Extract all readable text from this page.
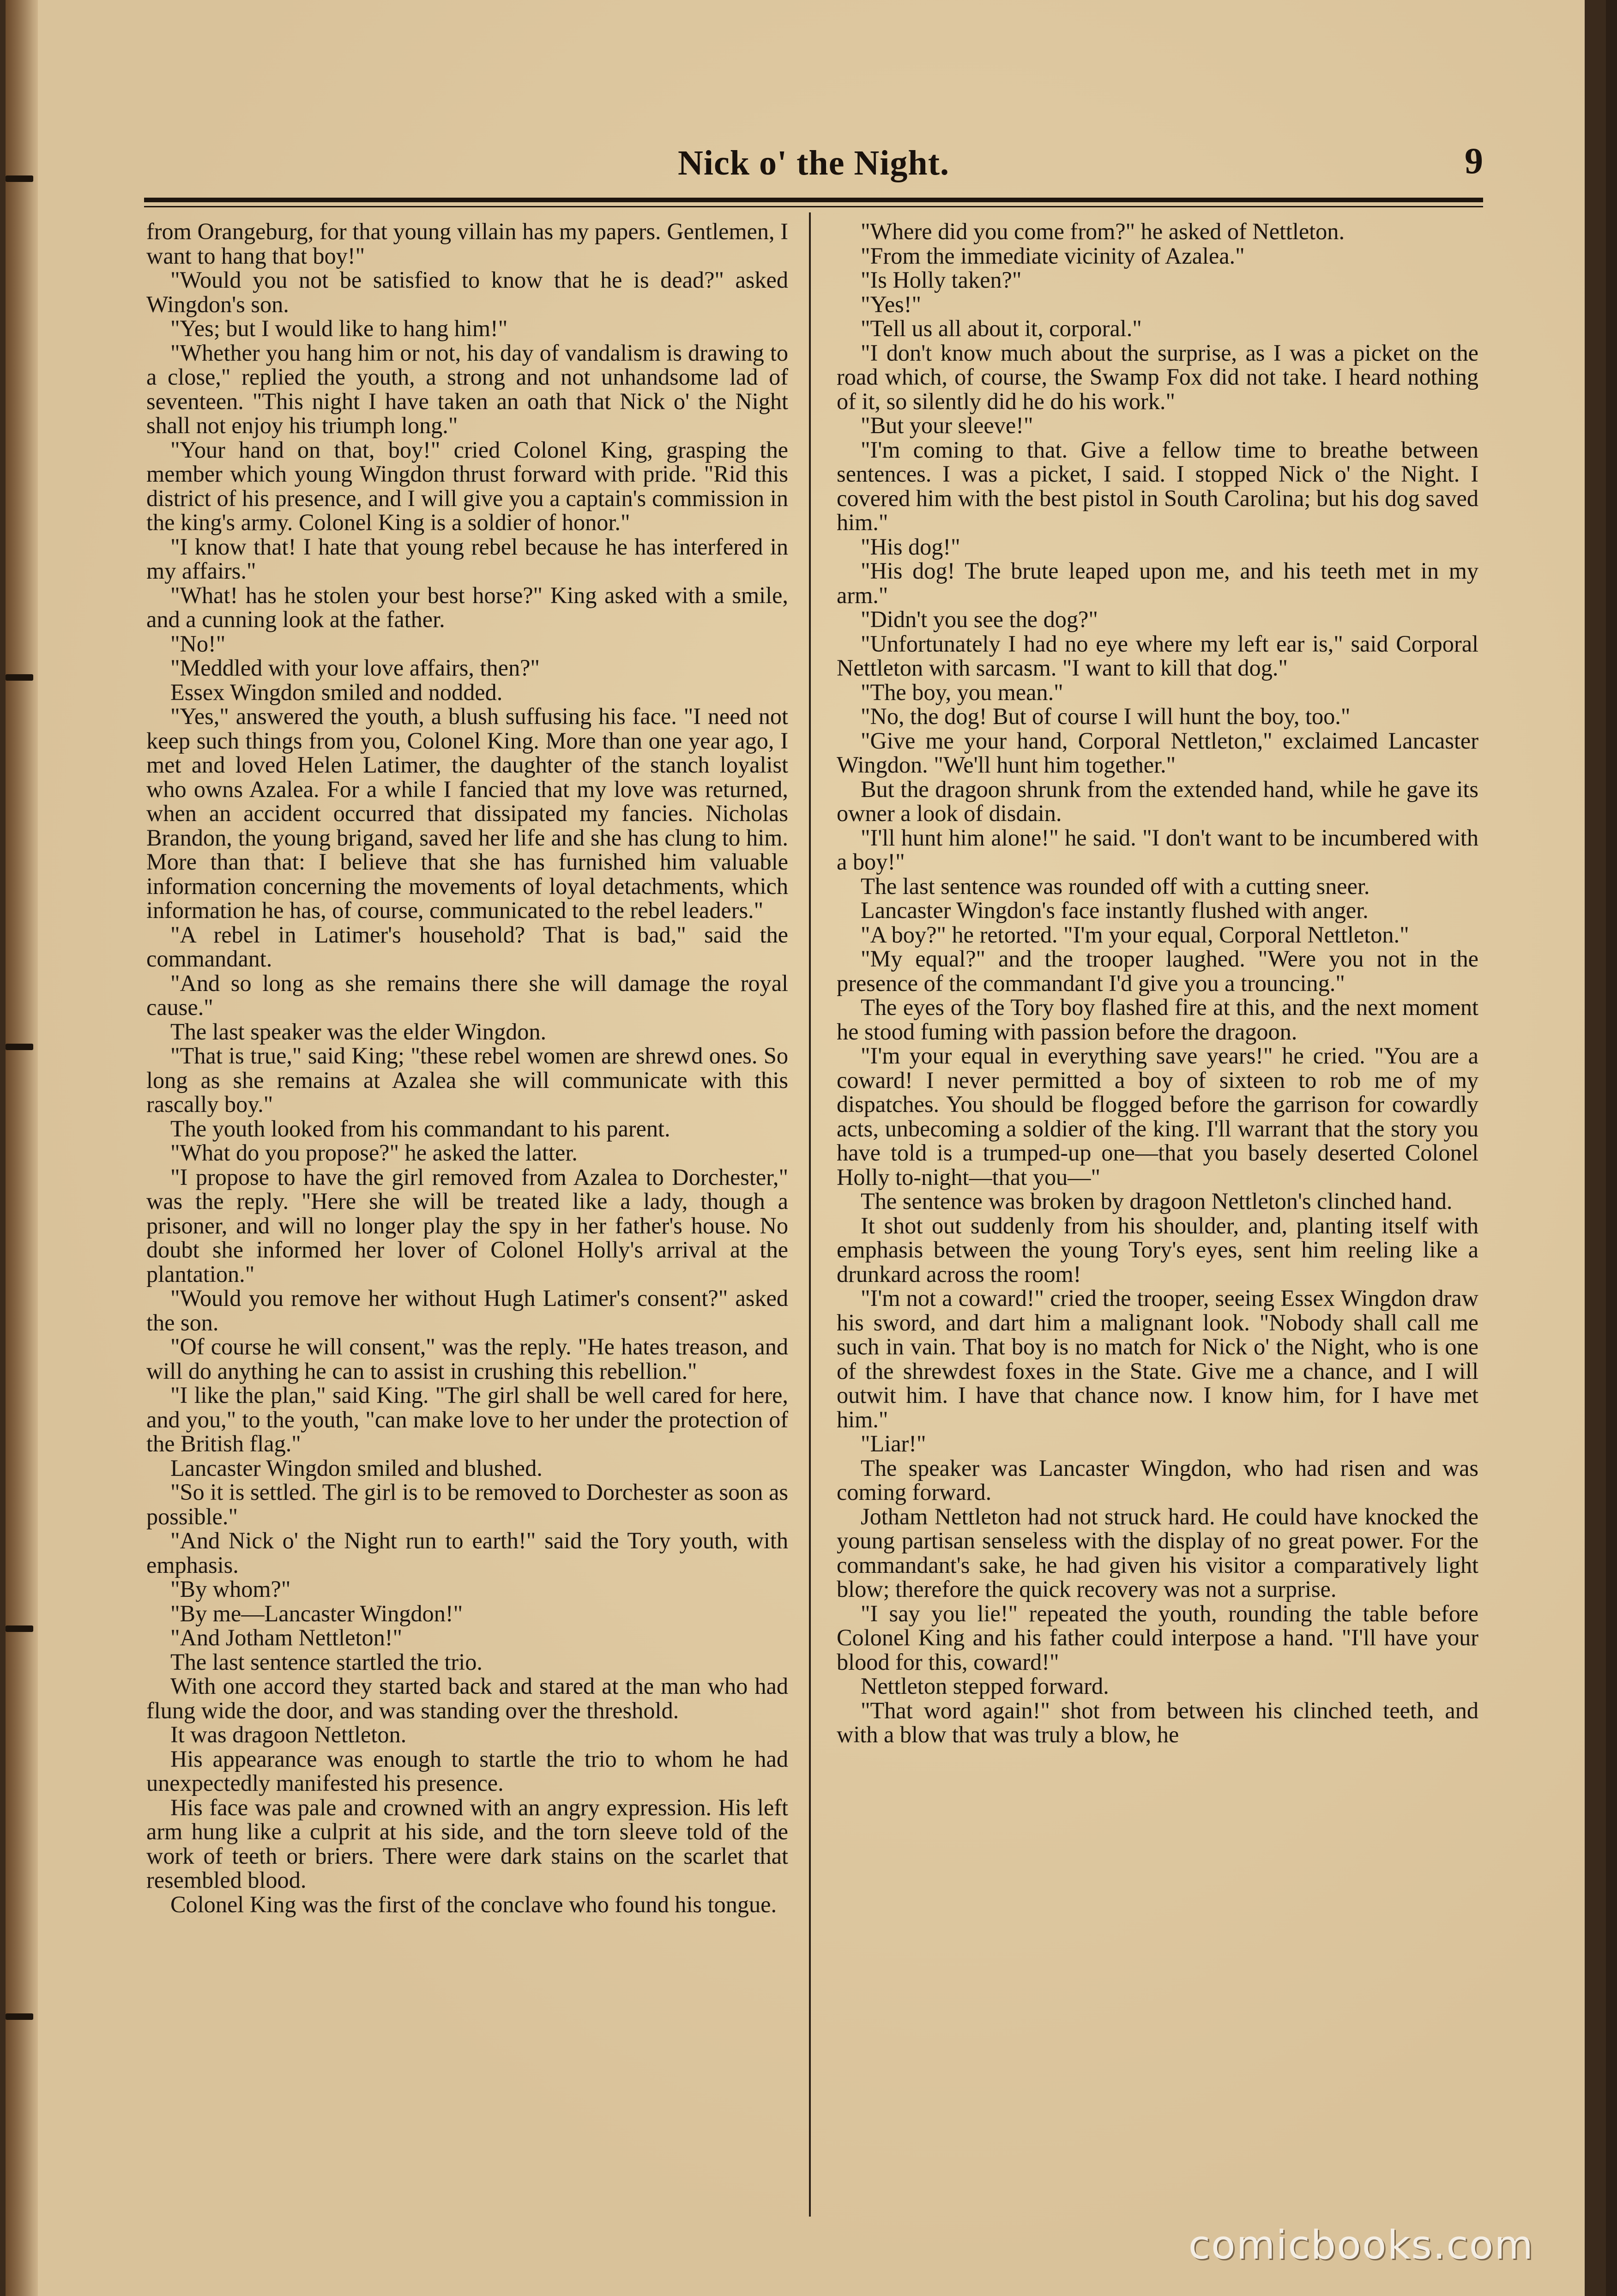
Nick o' the Night.	9

from Orangeburg, for that young villain has my papers. Gentlemen, I want to hang that boy!"

"Would you not be satisfied to know that he is dead?" asked Wingdon's son.

"Yes; but I would like to hang him!"

"Whether you hang him or not, his day of vandalism is drawing to a close," replied the youth, a strong and not unhandsome lad of seventeen. "This night I have taken an oath that Nick o' the Night shall not enjoy his triumph long."

"Your hand on that, boy!" cried Colonel King, grasping the member which young Wingdon thrust forward with pride. "Rid this district of his presence, and I will give you a captain's commission in the king's army. Colonel King is a soldier of honor."

"I know that! I hate that young rebel because he has interfered in my affairs."

"What! has he stolen your best horse?" King asked with a smile, and a cunning look at the father.

"No!"

"Meddled with your love affairs, then?"

Essex Wingdon smiled and nodded.

"Yes," answered the youth, a blush suffusing his face. "I need not keep such things from you, Colonel King. More than one year ago, I met and loved Helen Latimer, the daughter of the stanch loyalist who owns Azalea. For a while I fancied that my love was returned, when an accident occurred that dissipated my fancies. Nicholas Brandon, the young brigand, saved her life and she has clung to him. More than that: I believe that she has furnished him valuable information concerning the movements of loyal detachments, which information he has, of course, communicated to the rebel leaders."

"A rebel in Latimer's household? That is bad," said the commandant.

"And so long as she remains there she will damage the royal cause."

The last speaker was the elder Wingdon.

"That is true," said King; "these rebel women are shrewd ones. So long as she remains at Azalea she will communicate with this rascally boy."

The youth looked from his commandant to his parent.

"What do you propose?" he asked the latter.

"I propose to have the girl removed from Azalea to Dorchester," was the reply. "Here she will be treated like a lady, though a prisoner, and will no longer play the spy in her father's house. No doubt she informed her lover of Colonel Holly's arrival at the plantation."

"Would you remove her without Hugh Latimer's consent?" asked the son.

"Of course he will consent," was the reply. "He hates treason, and will do anything he can to assist in crushing this rebellion."

"I like the plan," said King. "The girl shall be well cared for here, and you," to the youth, "can make love to her under the protection of the British flag."

Lancaster Wingdon smiled and blushed.

"So it is settled. The girl is to be removed to Dorchester as soon as possible."

"And Nick o' the Night run to earth!" said the Tory youth, with emphasis.

"By whom?"

"By me—Lancaster Wingdon!"

"And Jotham Nettleton!"

The last sentence startled the trio.

With one accord they started back and stared at the man who had flung wide the door, and was standing over the threshold.

It was dragoon Nettleton.

His appearance was enough to startle the trio to whom he had unexpectedly manifested his presence.

His face was pale and crowned with an angry expression. His left arm hung like a culprit at his side, and the torn sleeve told of the work of teeth or briers. There were dark stains on the scarlet that resembled blood.

Colonel King was the first of the conclave who found his tongue.

"Where did you come from?" he asked of Nettleton.

"From the immediate vicinity of Azalea."

"Is Holly taken?"

"Yes!"

"Tell us all about it, corporal."

"I don't know much about the surprise, as I was a picket on the road which, of course, the Swamp Fox did not take. I heard nothing of it, so silently did he do his work."

"But your sleeve!"

"I'm coming to that. Give a fellow time to breathe between sentences. I was a picket, I said. I stopped Nick o' the Night. I covered him with the best pistol in South Carolina; but his dog saved him."

"His dog!"

"His dog! The brute leaped upon me, and his teeth met in my arm."

"Didn't you see the dog?"

"Unfortunately I had no eye where my left ear is," said Corporal Nettleton with sarcasm. "I want to kill that dog."

"The boy, you mean."

"No, the dog! But of course I will hunt the boy, too."

"Give me your hand, Corporal Nettleton," exclaimed Lancaster Wingdon. "We'll hunt him together."

But the dragoon shrunk from the extended hand, while he gave its owner a look of disdain.

"I'll hunt him alone!" he said. "I don't want to be incumbered with a boy!"

The last sentence was rounded off with a cutting sneer.

Lancaster Wingdon's face instantly flushed with anger.

"A boy?" he retorted. "I'm your equal, Corporal Nettleton."

"My equal?" and the trooper laughed. "Were you not in the presence of the commandant I'd give you a trouncing."

The eyes of the Tory boy flashed fire at this, and the next moment he stood fuming with passion before the dragoon.

"I'm your equal in everything save years!" he cried. "You are a coward! I never permitted a boy of sixteen to rob me of my dispatches. You should be flogged before the garrison for cowardly acts, unbecoming a soldier of the king. I'll warrant that the story you have told is a trumped-up one—that you basely deserted Colonel Holly to-night—that you—"

The sentence was broken by dragoon Nettleton's clinched hand.

It shot out suddenly from his shoulder, and, planting itself with emphasis between the young Tory's eyes, sent him reeling like a drunkard across the room!

"I'm not a coward!" cried the trooper, seeing Essex Wingdon draw his sword, and dart him a malignant look. "Nobody shall call me such in vain. That boy is no match for Nick o' the Night, who is one of the shrewdest foxes in the State. Give me a chance, and I will outwit him. I have that chance now. I know him, for I have met him."

"Liar!"

The speaker was Lancaster Wingdon, who had risen and was coming forward.

Jotham Nettleton had not struck hard. He could have knocked the young partisan senseless with the display of no great power. For the commandant's sake, he had given his visitor a comparatively light blow; therefore the quick recovery was not a surprise.

"I say you lie!" repeated the youth, rounding the table before Colonel King and his father could interpose a hand. "I'll have your blood for this, coward!"

Nettleton stepped forward.

"That word again!" shot from between his clinched teeth, and with a blow that was truly a blow, he

comicbooks.com
